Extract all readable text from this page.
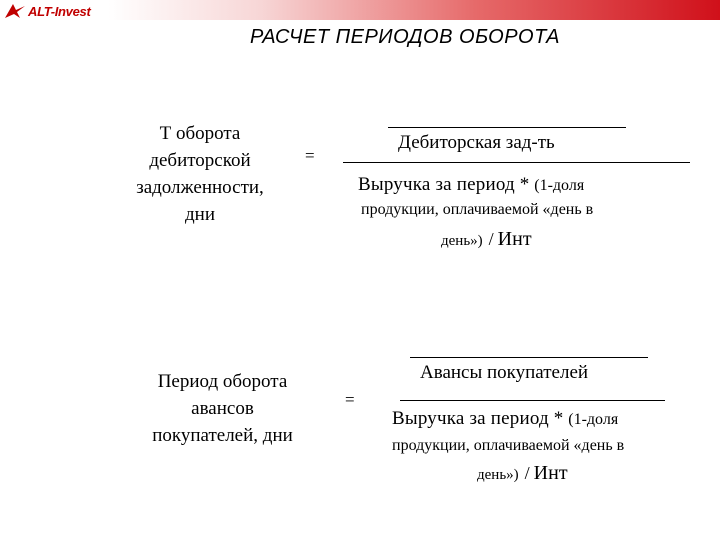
ALT-Invest
РАСЧЕТ ПЕРИОДОВ ОБОРОТА
Т оборота
дебиторской
задолженности,
дни
=
Дебиторская зад-ть
Выручка за период * (1-доля
продукции, оплачиваемой «день в
день») / Инт
Период оборота
авансов
покупателей, дни
=
Авансы покупателей
Выручка за период * (1-доля
продукции, оплачиваемой «день в
день») / Инт
